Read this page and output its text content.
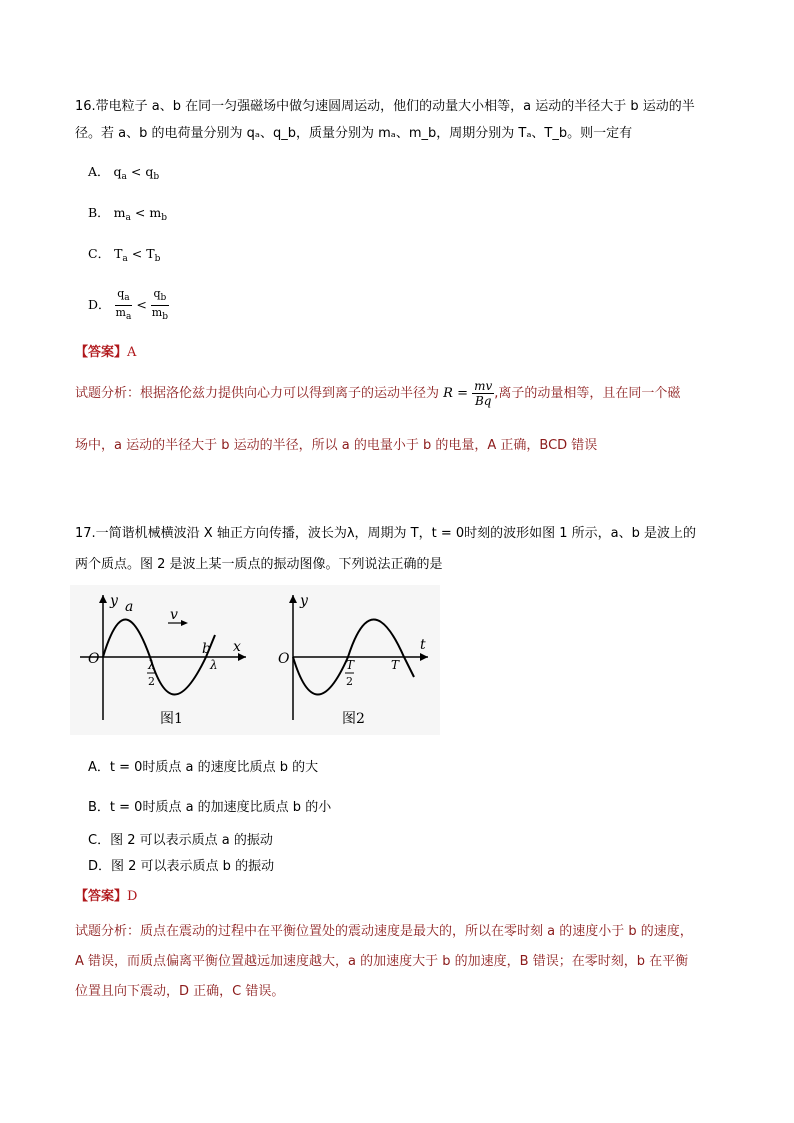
16.带电粒子 a、b 在同一匀强磁场中做匀速圆周运动，他们的动量大小相等，a 运动的半径大于 b 运动的半
径。若 a、b 的电荷量分别为 qₐ、q_b，质量分别为 mₐ、m_b，周期分别为 Tₐ、T_b。则一定有
A． $q_a < q_b$
B． $m_a < m_b$
C． $T_a < T_b$
D． $\frac{q_a}{m_a} < \frac{q_b}{m_b}$
【答案】A
试题分析：根据洛伦兹力提供向心力可以得到离子的运动半径为 $R = \frac{mv}{Bq}$ ,离子的动量相等，且在同一个磁
场中，a 运动的半径大于 b 运动的半径，所以 a 的电量小于 b 的电量，A 正确，BCD 错误
17.一简谐机械横波沿 X 轴正方向传播，波长为λ，周期为 T，t = 0时刻的波形如图 1 所示，a、b 是波上的
两个质点。图 2 是波上某一质点的振动图像。下列说法正确的是
y a	v
b x
O	λ
2
λ
图1
y
t
O	T
2
T
图2
A．t = 0时质点 a 的速度比质点 b 的大
B．t = 0时质点 a 的加速度比质点 b 的小
C．图 2 可以表示质点 a 的振动
D．图 2 可以表示质点 b 的振动
【答案】D
试题分析：质点在震动的过程中在平衡位置处的震动速度是最大的，所以在零时刻 a 的速度小于 b 的速度，
A 错误，而质点偏离平衡位置越远加速度越大，a 的加速度大于 b 的加速度，B 错误；在零时刻，b 在平衡
位置且向下震动，D 正确，C 错误。
